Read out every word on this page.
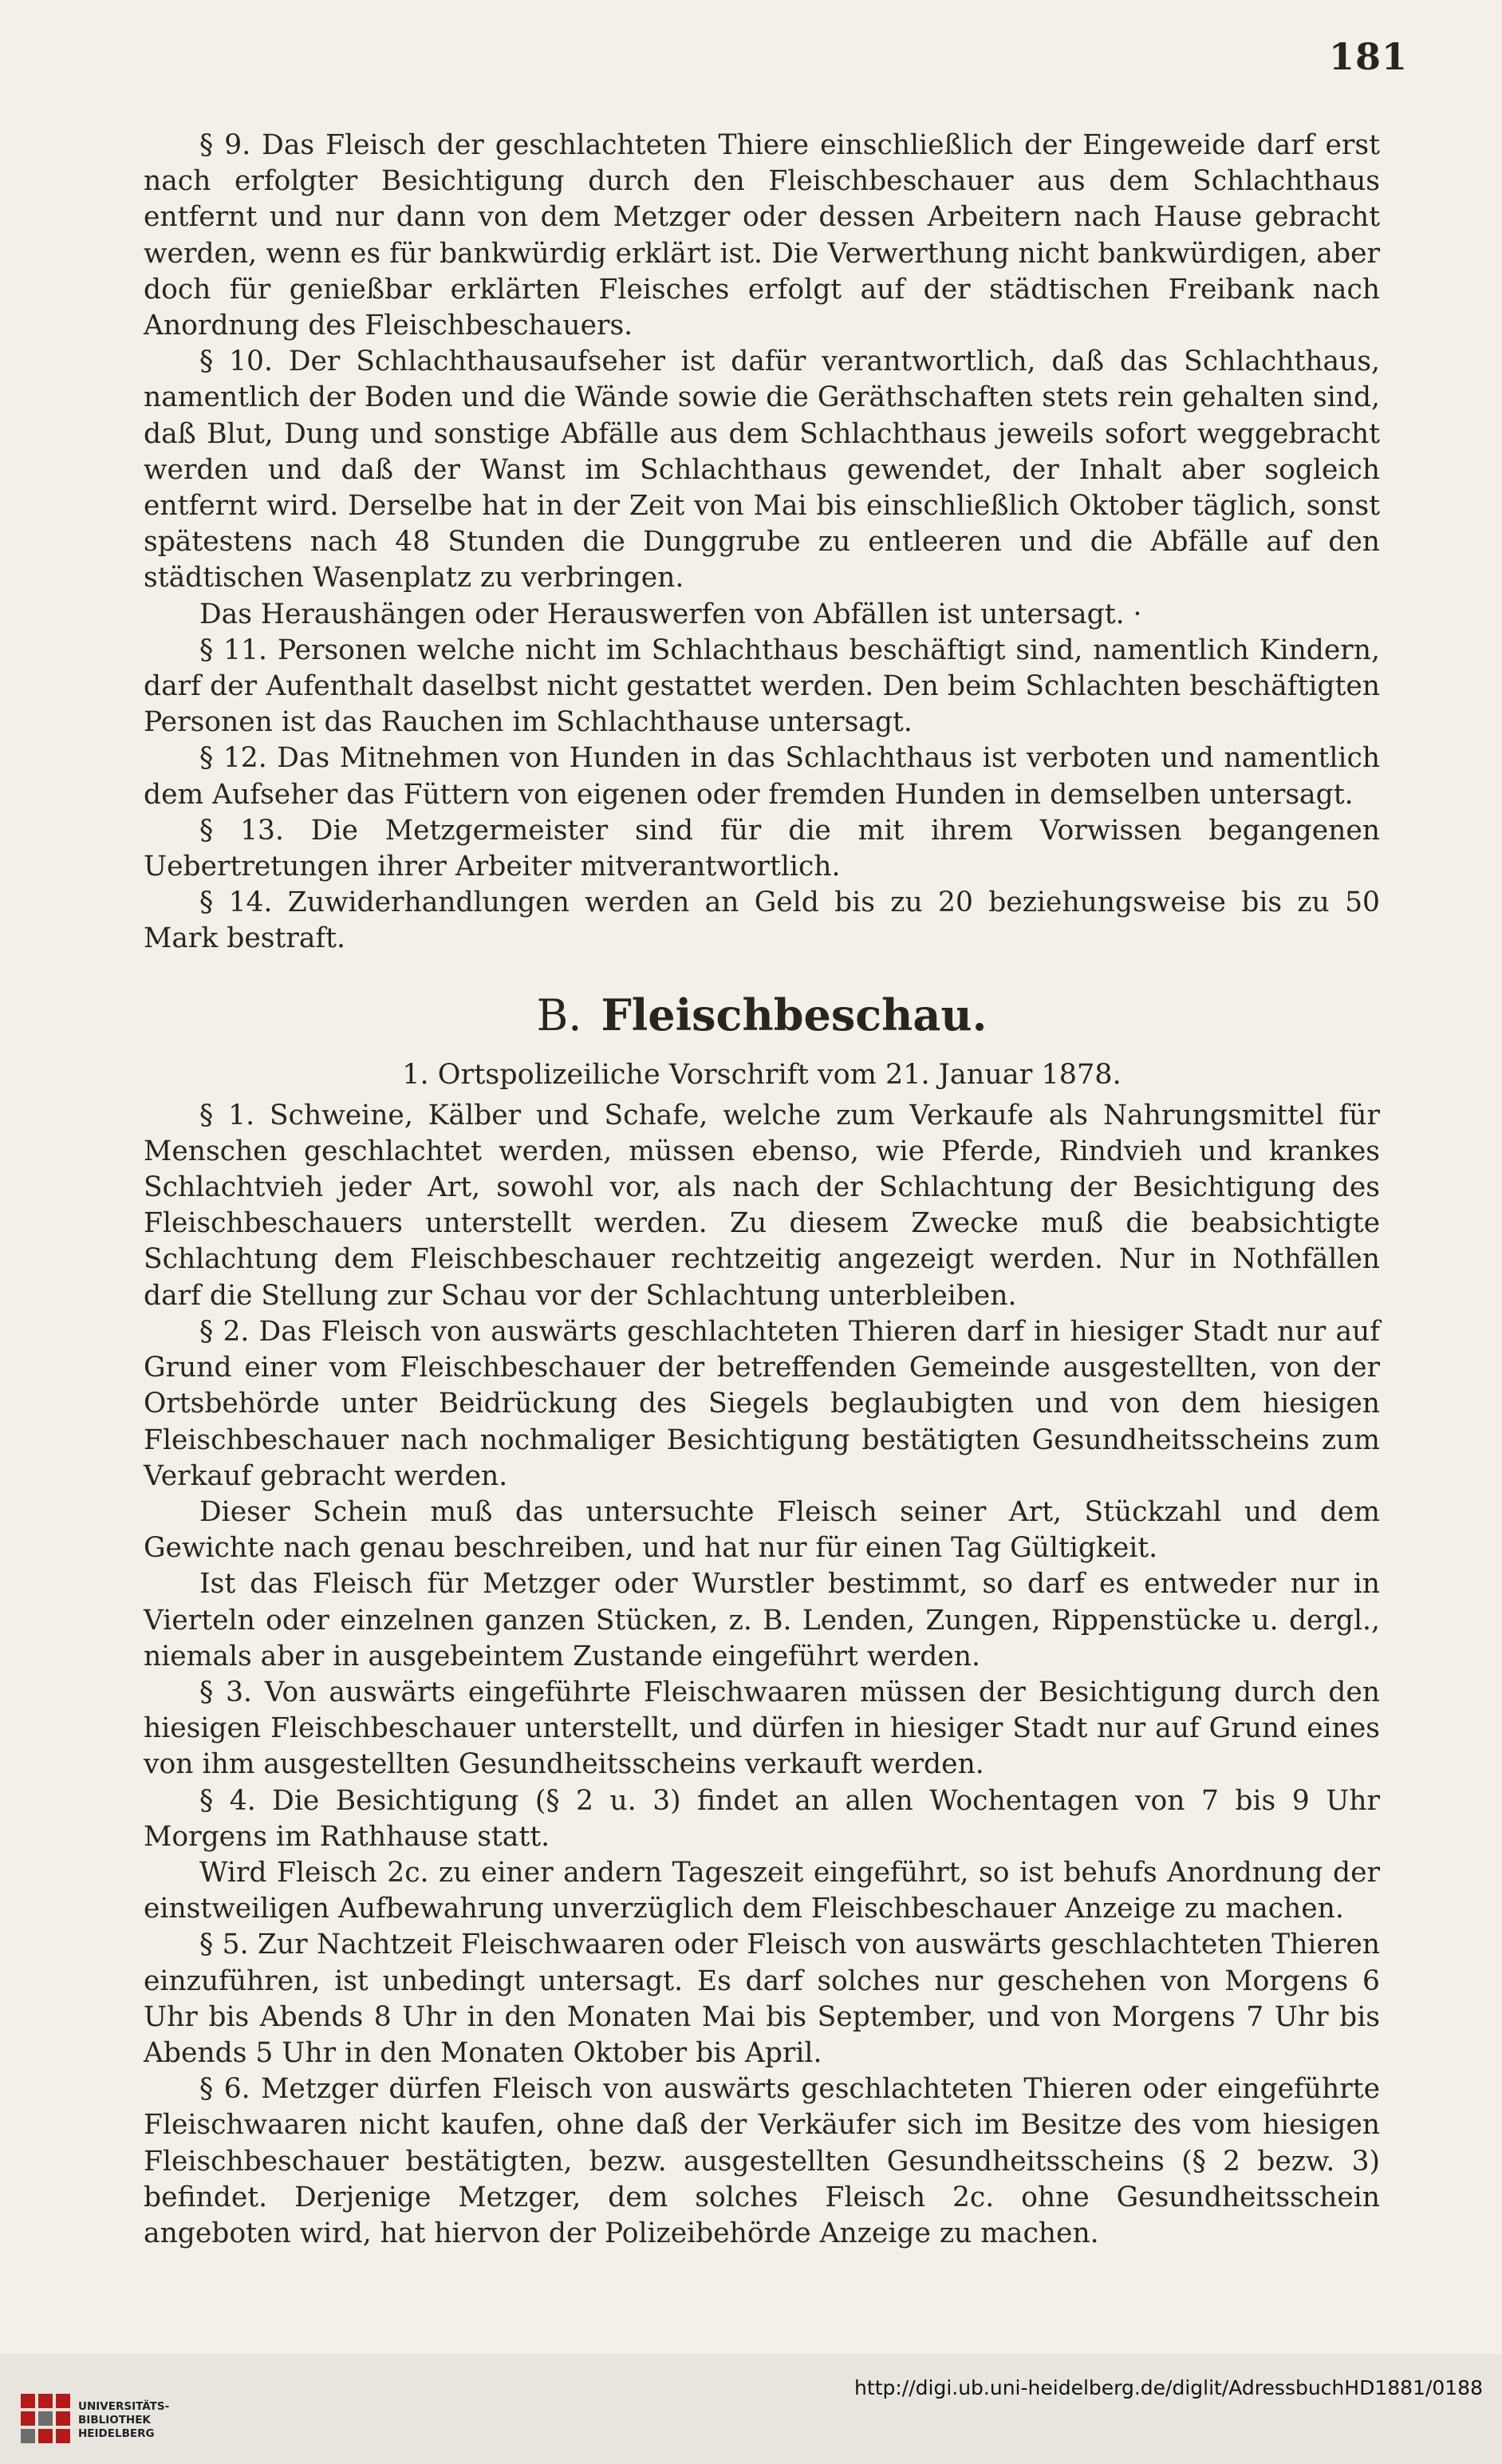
181

§ 9. Das Fleisch der geschlachteten Thiere einschließlich der Eingeweide darf erst nach erfolgter Besichtigung durch den Fleischbeschauer aus dem Schlachthaus entfernt und nur dann von dem Metzger oder dessen Arbeitern nach Hause gebracht werden, wenn es für bankwürdig erklärt ist. Die Verwerthung nicht bankwürdigen, aber doch für genießbar erklärten Fleisches erfolgt auf der städtischen Freibank nach Anordnung des Fleischbeschauers.

§ 10. Der Schlachthausaufseher ist dafür verantwortlich, daß das Schlachthaus, namentlich der Boden und die Wände sowie die Geräthschaften stets rein gehalten sind, daß Blut, Dung und sonstige Abfälle aus dem Schlachthaus jeweils sofort weggebracht werden und daß der Wanst im Schlachthaus gewendet, der Inhalt aber sogleich entfernt wird. Derselbe hat in der Zeit von Mai bis einschließlich Oktober täglich, sonst spätestens nach 48 Stunden die Dunggrube zu entleeren und die Abfälle auf den städtischen Wasenplatz zu verbringen.

Das Heraushängen oder Herauswerfen von Abfällen ist untersagt. ·

§ 11. Personen welche nicht im Schlachthaus beschäftigt sind, namentlich Kindern, darf der Aufenthalt daselbst nicht gestattet werden. Den beim Schlachten beschäftigten Personen ist das Rauchen im Schlachthause untersagt.

§ 12. Das Mitnehmen von Hunden in das Schlachthaus ist verboten und namentlich dem Aufseher das Füttern von eigenen oder fremden Hunden in demselben untersagt.

§ 13. Die Metzgermeister sind für die mit ihrem Vorwissen begangenen Uebertretungen ihrer Arbeiter mitverantwortlich.

§ 14. Zuwiderhandlungen werden an Geld bis zu 20 beziehungsweise bis zu 50 Mark bestraft.

B. Fleischbeschau.
1. Ortspolizeiliche Vorschrift vom 21. Januar 1878.

§ 1. Schweine, Kälber und Schafe, welche zum Verkaufe als Nahrungsmittel für Menschen geschlachtet werden, müssen ebenso, wie Pferde, Rindvieh und krankes Schlachtvieh jeder Art, sowohl vor, als nach der Schlachtung der Besichtigung des Fleischbeschauers unterstellt werden. Zu diesem Zwecke muß die beabsichtigte Schlachtung dem Fleischbeschauer rechtzeitig angezeigt werden. Nur in Nothfällen darf die Stellung zur Schau vor der Schlachtung unterbleiben.

§ 2. Das Fleisch von auswärts geschlachteten Thieren darf in hiesiger Stadt nur auf Grund einer vom Fleischbeschauer der betreffenden Gemeinde ausgestellten, von der Ortsbehörde unter Beidrückung des Siegels beglaubigten und von dem hiesigen Fleischbeschauer nach nochmaliger Besichtigung bestätigten Gesundheitsscheins zum Verkauf gebracht werden.

Dieser Schein muß das untersuchte Fleisch seiner Art, Stückzahl und dem Gewichte nach genau beschreiben, und hat nur für einen Tag Gültigkeit.

Ist das Fleisch für Metzger oder Wurstler bestimmt, so darf es entweder nur in Vierteln oder einzelnen ganzen Stücken, z. B. Lenden, Zungen, Rippenstücke u. dergl., niemals aber in ausgebeintem Zustande eingeführt werden.

§ 3. Von auswärts eingeführte Fleischwaaren müssen der Besichtigung durch den hiesigen Fleischbeschauer unterstellt, und dürfen in hiesiger Stadt nur auf Grund eines von ihm ausgestellten Gesundheitsscheins verkauft werden.

§ 4. Die Besichtigung (§ 2 u. 3) findet an allen Wochentagen von 7 bis 9 Uhr Morgens im Rathhause statt.

Wird Fleisch 2c. zu einer andern Tageszeit eingeführt, so ist behufs Anordnung der einstweiligen Aufbewahrung unverzüglich dem Fleischbeschauer Anzeige zu machen.

§ 5. Zur Nachtzeit Fleischwaaren oder Fleisch von auswärts geschlachteten Thieren einzuführen, ist unbedingt untersagt. Es darf solches nur geschehen von Morgens 6 Uhr bis Abends 8 Uhr in den Monaten Mai bis September, und von Morgens 7 Uhr bis Abends 5 Uhr in den Monaten Oktober bis April.

§ 6. Metzger dürfen Fleisch von auswärts geschlachteten Thieren oder eingeführte Fleischwaaren nicht kaufen, ohne daß der Verkäufer sich im Besitze des vom hiesigen Fleischbeschauer bestätigten, bezw. ausgestellten Gesundheitsscheins (§ 2 bezw. 3) befindet. Derjenige Metzger, dem solches Fleisch 2c. ohne Gesundheitsschein angeboten wird, hat hiervon der Polizeibehörde Anzeige zu machen.

UNIVERSITÄTS-
BIBLIOTHEK
HEIDELBERG
http://digi.ub.uni-heidelberg.de/diglit/AdressbuchHD1881/0188
